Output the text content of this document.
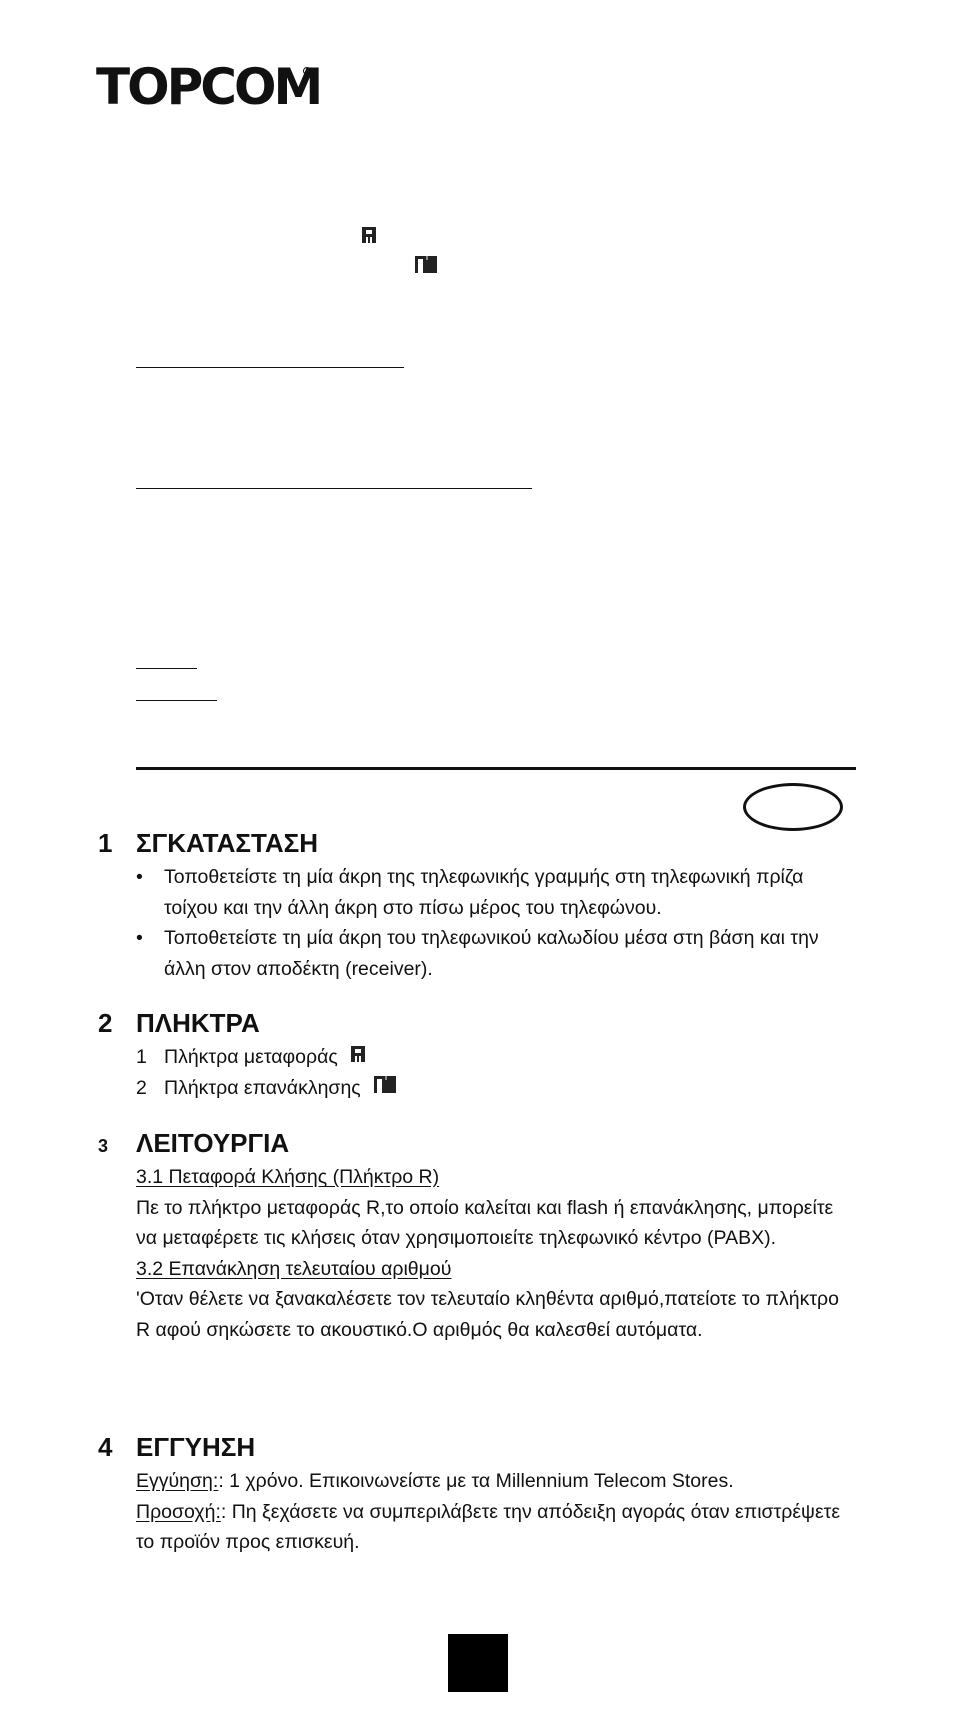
TOPCOM
1 ΣΓΚΑΤΑΣΤΑΣΗ
• Τοποθετείστε τη μία άκρη της τηλεφωνικής γραμμής στη τηλεφωνική πρίζα τοίχου και την άλλη άκρη στο πίσω μέρος του τηλεφώνου.
• Τοποθετείστε τη μία άκρη του τηλεφωνικού καλωδίου μέσα στη βάση και την άλλη στον αποδέκτη (receiver).
2 ΠΛΗΚΤΡΑ
1 Πλήκτρα μεταφοράς
2 Πλήκτρα επανάκλησης
3	ΛΕΙΤΟΥΡΓΙΑ
3.1 Πεταφορά Κλήσης (Πλήκτρο R)
Πε το πλήκτρο μεταφοράς R,το οποίο καλείται και flash ή επανάκλησης, μπορείτε να μεταφέρετε τις κλήσεις όταν χρησιμοποιείτε τηλεφωνικό κέντρο (PABX).
3.2 Επανάκληση τελευταίου αριθμού
'Οταν θέλετε να ξανακαλέσετε τον τελευταίο κληθέντα αριθμό,πατείοτε το πλήκτρο R αφού σηκώσετε το ακουστικό.Ο αριθμός θα καλεσθεί αυτόματα.
4 ΕΓΓΥΗΣΗ
Εγγύηση:: 1 χρόνο. Επικοινωνείστε με τα Millennium Telecom Stores.
Προσοχή:: Πη ξεχάσετε να συμπεριλάβετε την απόδειξη αγοράς όταν επιστρέψετε το προϊόν προς επισκευή.
